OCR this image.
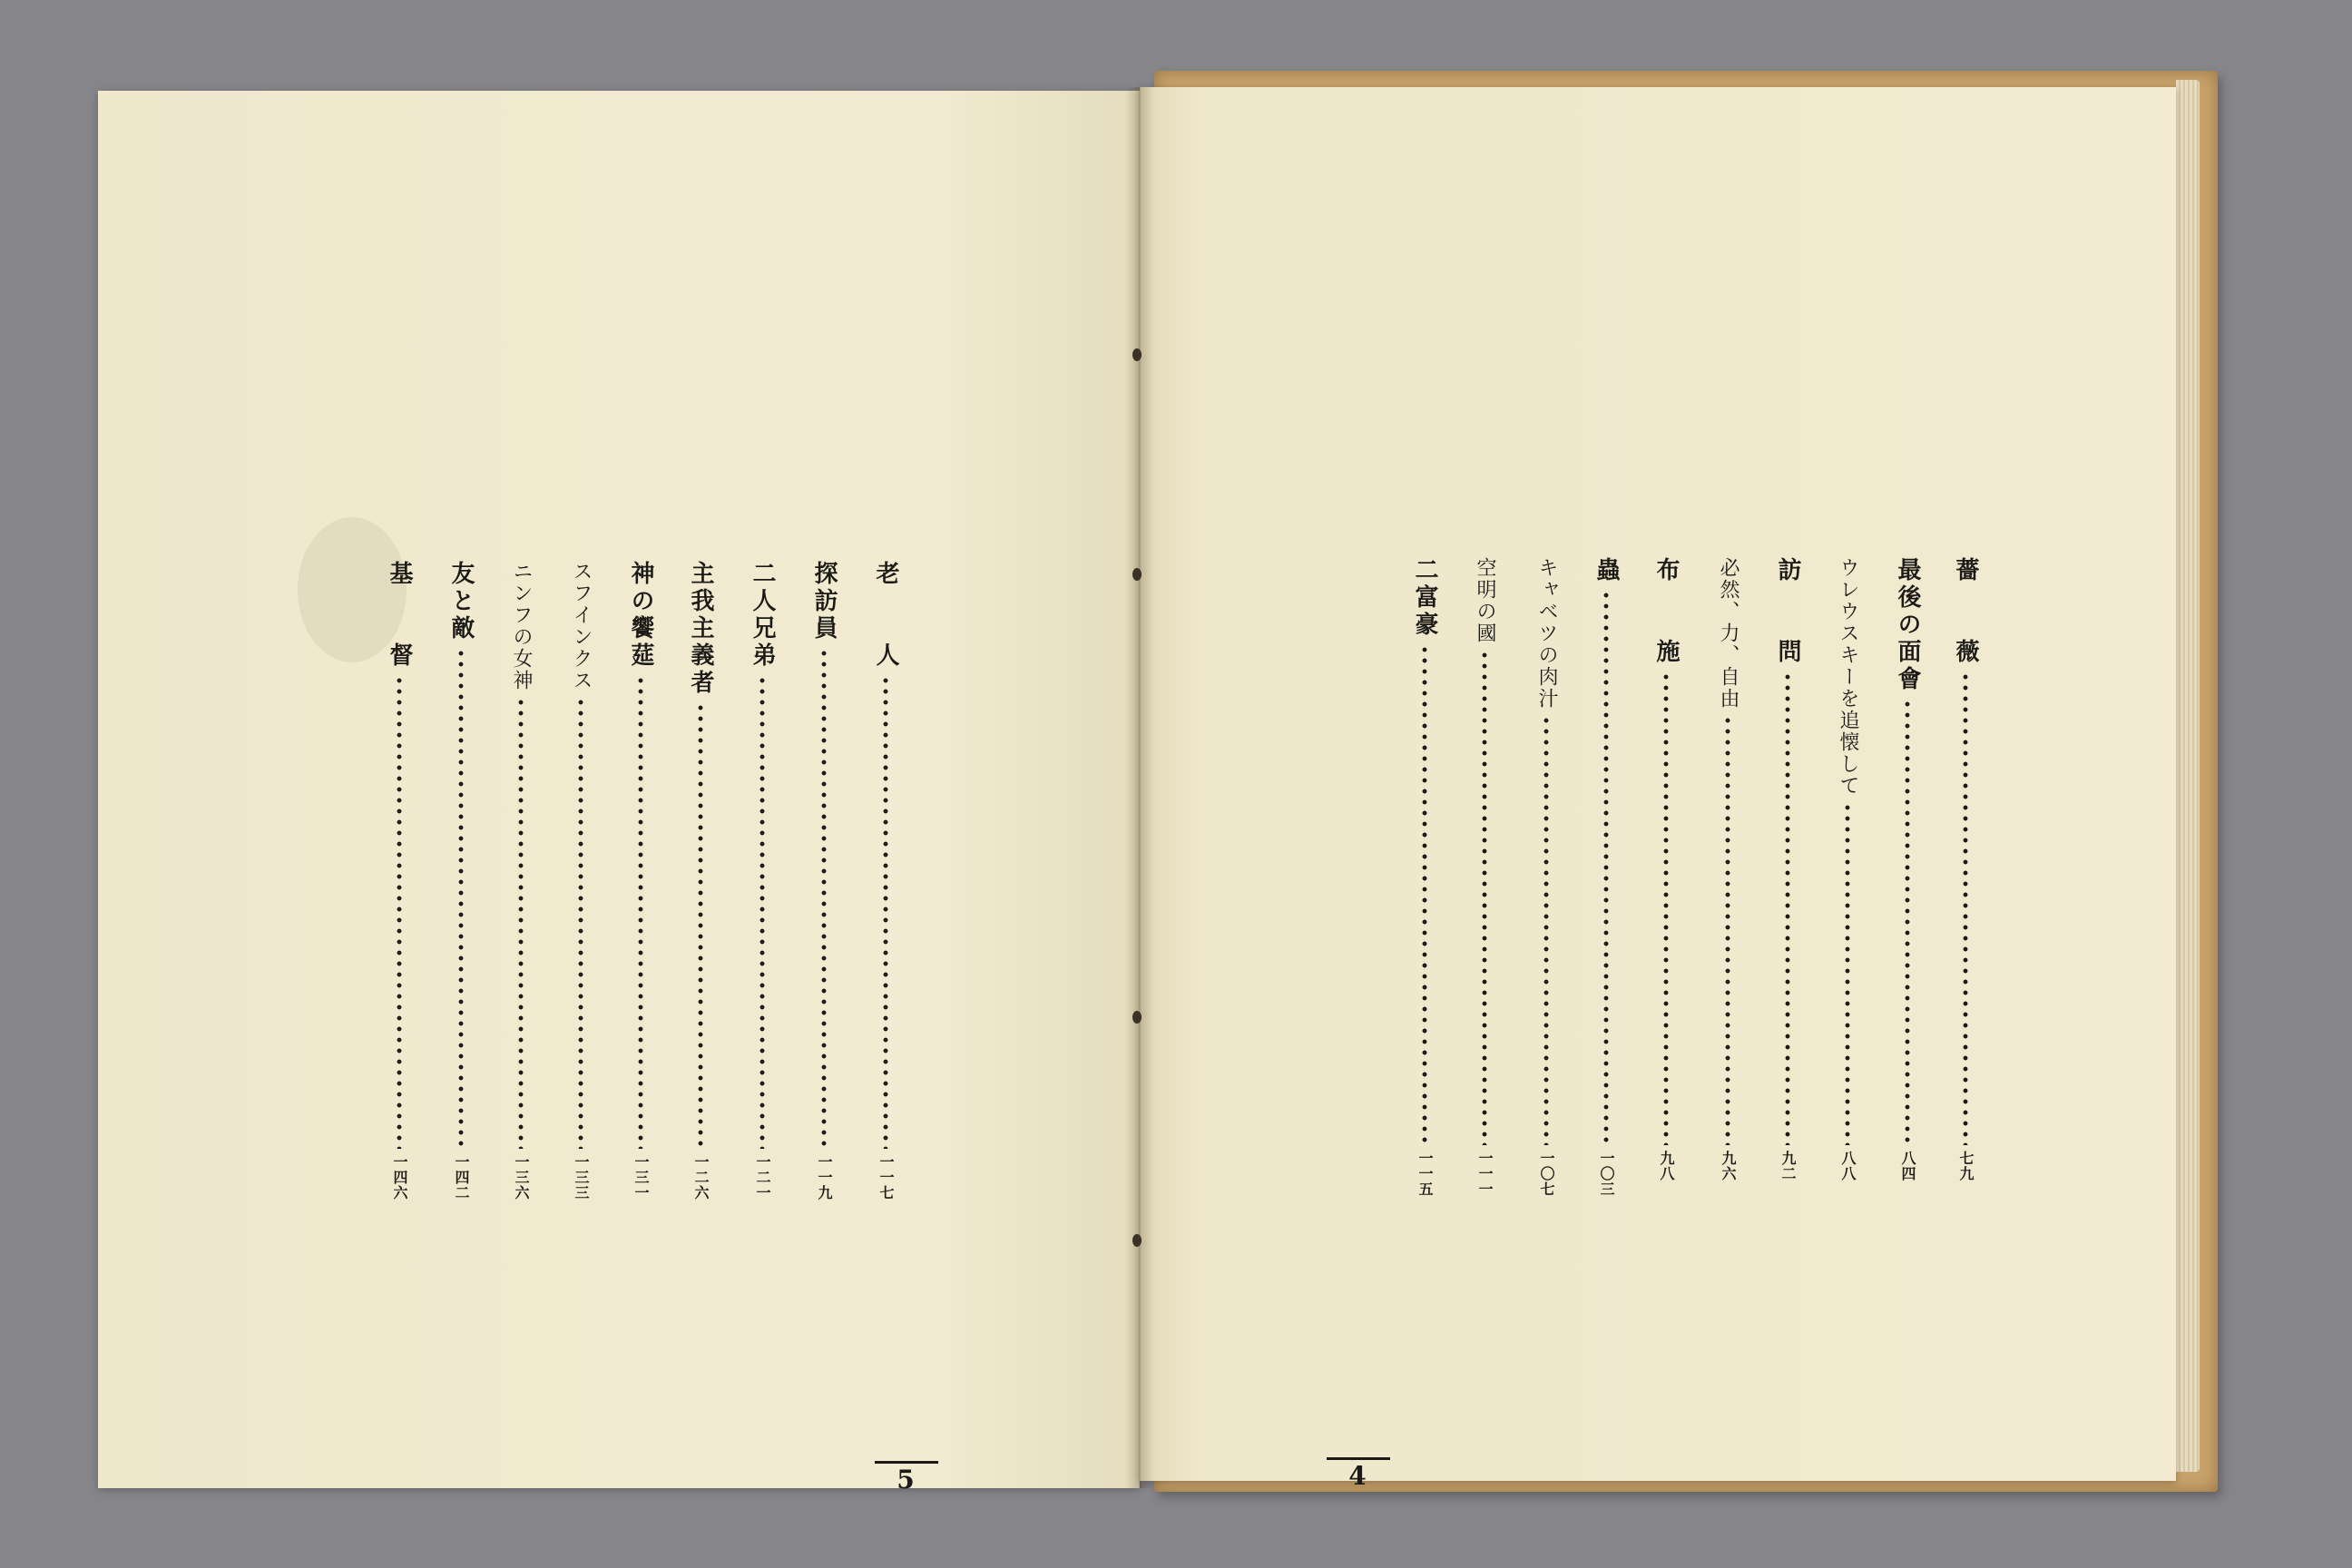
老　　人
一一七
探訪員
一一九
二人兄弟
一二一
主我主義者
一二六
神の饗莚
一三一
スフインクス
一三三
ニンフの女神
一三六
友と敵
一四二
基　　督
一四六
5
薔　　薇
七九
最後の面會
八四
ウレウスキーを追懐して
八八
訪　　問
九二
必然、力、自由
九六
布　　施
九八
蟲
一〇三
キャベツの肉汁
一〇七
空明の國
一一一
二富豪
一一五
4
